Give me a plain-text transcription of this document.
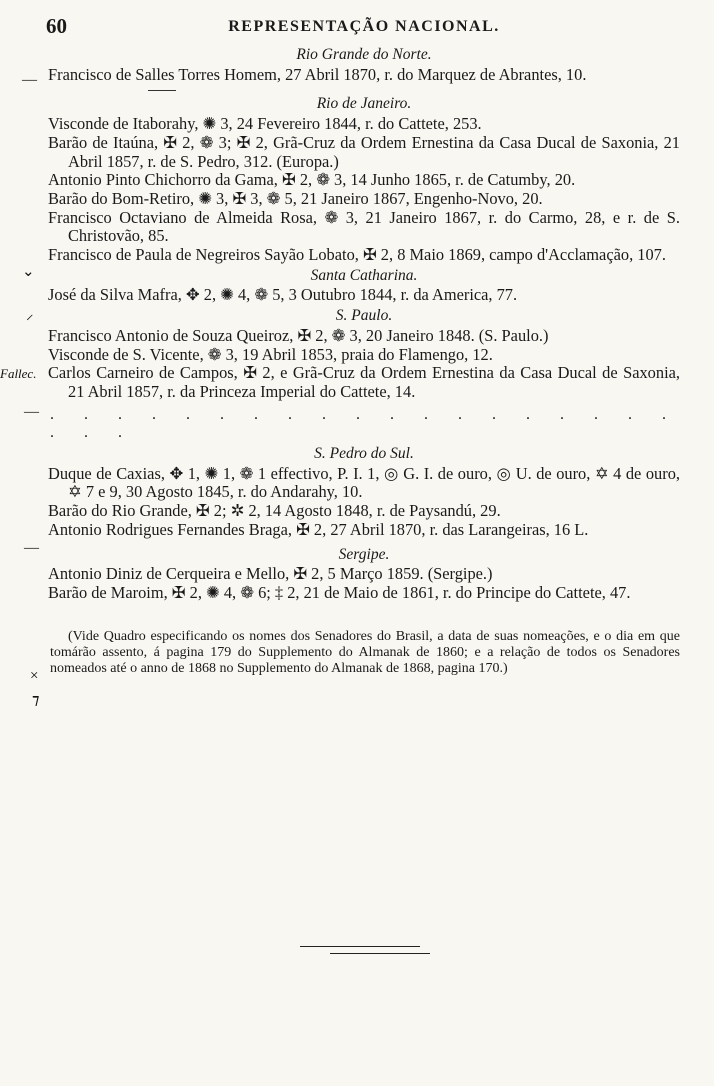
60	REPRESENTAÇÃO NACIONAL.
Rio Grande do Norte.
Francisco de Salles Torres Homem, 27 Abril 1870, r. do Marquez de Abrantes, 10.
Rio de Janeiro.
Visconde de Itaborahy, ✺ 3, 24 Fevereiro 1844, r. do Cattete, 253.
Barão de Itaúna, ✠ 2, ❁ 3; ✠ 2, Grã-Cruz da Ordem Ernestina da Casa Ducal de Saxonia, 21 Abril 1857, r. de S. Pedro, 312. (Europa.)
Antonio Pinto Chichorro da Gama, ✠ 2, ❁ 3, 14 Junho 1865, r. de Catumby, 20.
Barão do Bom-Retiro, ✺ 3, ✠ 3, ❁ 5, 21 Janeiro 1867, Engenho-Novo, 20.
Francisco Octaviano de Almeida Rosa, ❁ 3, 21 Janeiro 1867, r. do Carmo, 28, e r. de S. Christovão, 85.
Francisco de Paula de Negreiros Sayão Lobato, ✠ 2, 8 Maio 1869, campo d'Acclamação, 107.
Santa Catharina.
José da Silva Mafra, ✥ 2, ✺ 4, ❁ 5, 3 Outubro 1844, r. da America, 77.
S. Paulo.
Francisco Antonio de Souza Queiroz, ✠ 2, ❁ 3, 20 Janeiro 1848. (S. Paulo.)
Visconde de S. Vicente, ❁ 3, 19 Abril 1853, praia do Flamengo, 12.
Carlos Carneiro de Campos, ✠ 2, e Grã-Cruz da Ordem Ernestina da Casa Ducal de Saxonia, 21 Abril 1857, r. da Princeza Imperial do Cattete, 14.
. . . . . . . . . . . . . . . . . . . . . .
S. Pedro do Sul.
Duque de Caxias, ✥ 1, ✺ 1, ❁ 1 effectivo, P. I. 1, ◎ G. I. de ouro, ◎ U. de ouro, ✡ 4 de ouro, ✡ 7 e 9, 30 Agosto 1845, r. do Andarahy, 10.
Barão do Rio Grande, ✠ 2; ✲ 2, 14 Agosto 1848, r. de Paysandú, 29.
Antonio Rodrigues Fernandes Braga, ✠ 2, 27 Abril 1870, r. das Larangeiras, 16 L.
Sergipe.
Antonio Diniz de Cerqueira e Mello, ✠ 2, 5 Março 1859. (Sergipe.)
Barão de Maroim, ✠ 2, ✺ 4, ❁ 6; ‡ 2, 21 de Maio de 1861, r. do Principe do Cattete, 47.
(Vide Quadro especificando os nomes dos Senadores do Brasil, a data de suas nomeações, e o dia em que tomárão assento, á pagina 179 do Supplemento do Almanak de 1860; e a relação de todos os Senadores nomeados até o anno de 1868 no Supplemento do Almanak de 1868, pagina 170.)
—
⌄
⸝
Fallec.
—
—
×
⁊
